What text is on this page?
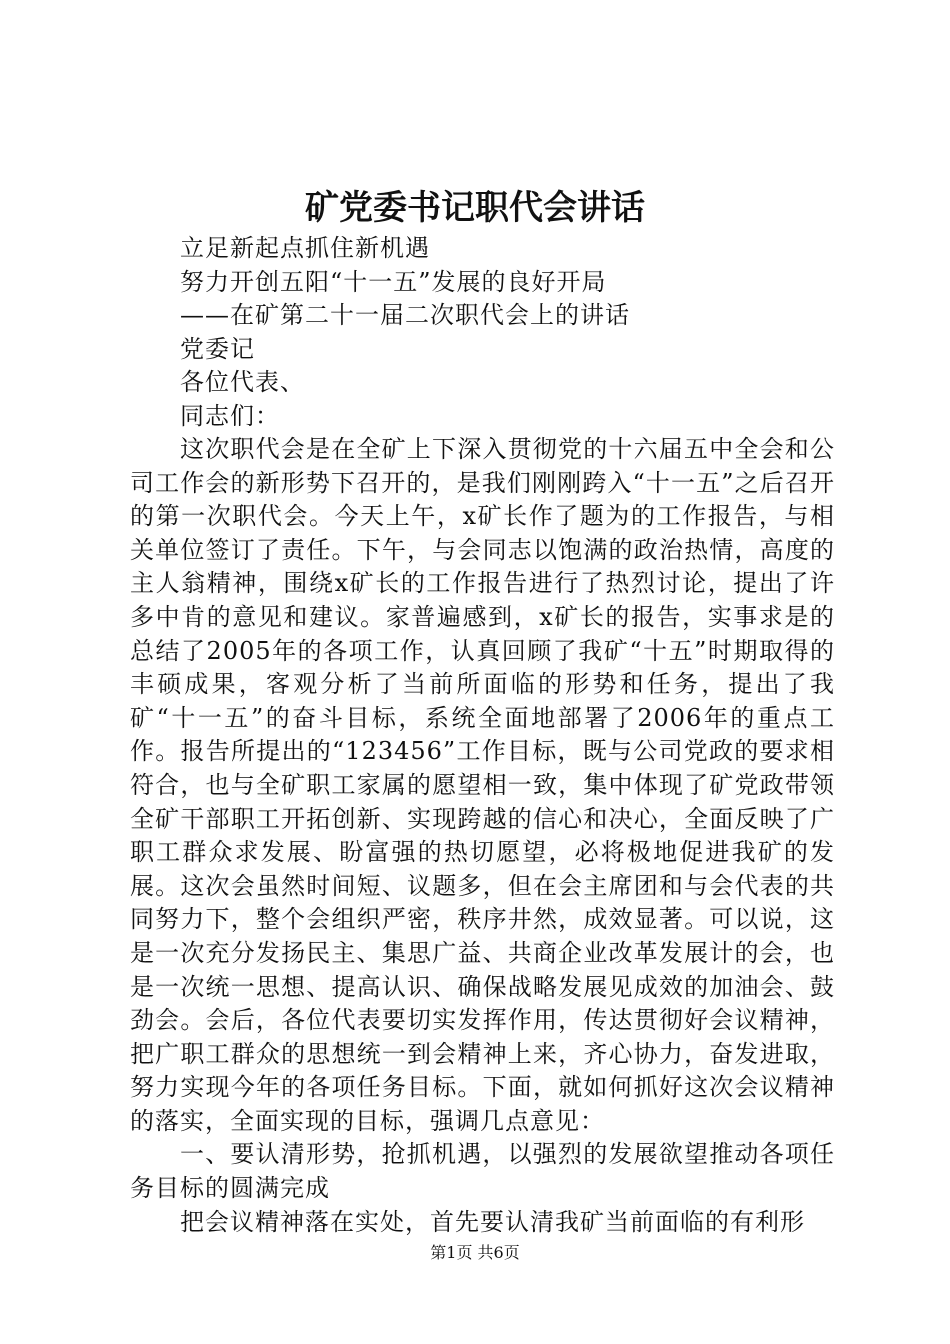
矿党委书记职代会讲话

立足新起点抓住新机遇

努力开创五阳“十一五”发展的良好开局

——在矿第二十一届二次职代会上的讲话

党委记

各位代表、

同志们：

这次职代会是在全矿上下深入贯彻党的十六届五中全会和公司工作会的新形势下召开的，是我们刚刚跨入“十一五”之后召开的第一次职代会。今天上午，x矿长作了题为的工作报告，与相关单位签订了责任。下午，与会同志以饱满的政治热情，高度的主人翁精神，围绕x矿长的工作报告进行了热烈讨论，提出了许多中肯的意见和建议。家普遍感到，x矿长的报告，实事求是的总结了2005年的各项工作，认真回顾了我矿“十五”时期取得的丰硕成果，客观分析了当前所面临的形势和任务，提出了我矿“十一五”的奋斗目标，系统全面地部署了2006年的重点工作。报告所提出的“123456”工作目标，既与公司党政的要求相符合，也与全矿职工家属的愿望相一致，集中体现了矿党政带领全矿干部职工开拓创新、实现跨越的信心和决心，全面反映了广职工群众求发展、盼富强的热切愿望，必将极地促进我矿的发展。这次会虽然时间短、议题多，但在会主席团和与会代表的共同努力下，整个会组织严密，秩序井然，成效显著。可以说，这是一次充分发扬民主、集思广益、共商企业改革发展计的会，也是一次统一思想、提高认识、确保战略发展见成效的加油会、鼓劲会。会后，各位代表要切实发挥作用，传达贯彻好会议精神，把广职工群众的思想统一到会精神上来，齐心协力，奋发进取，努力实现今年的各项任务目标。下面，就如何抓好这次会议精神的落实，全面实现的目标，强调几点意见：

一、要认清形势，抢抓机遇，以强烈的发展欲望推动各项任务目标的圆满完成

把会议精神落在实处，首先要认清我矿当前面临的有利形

第1页 共6页
